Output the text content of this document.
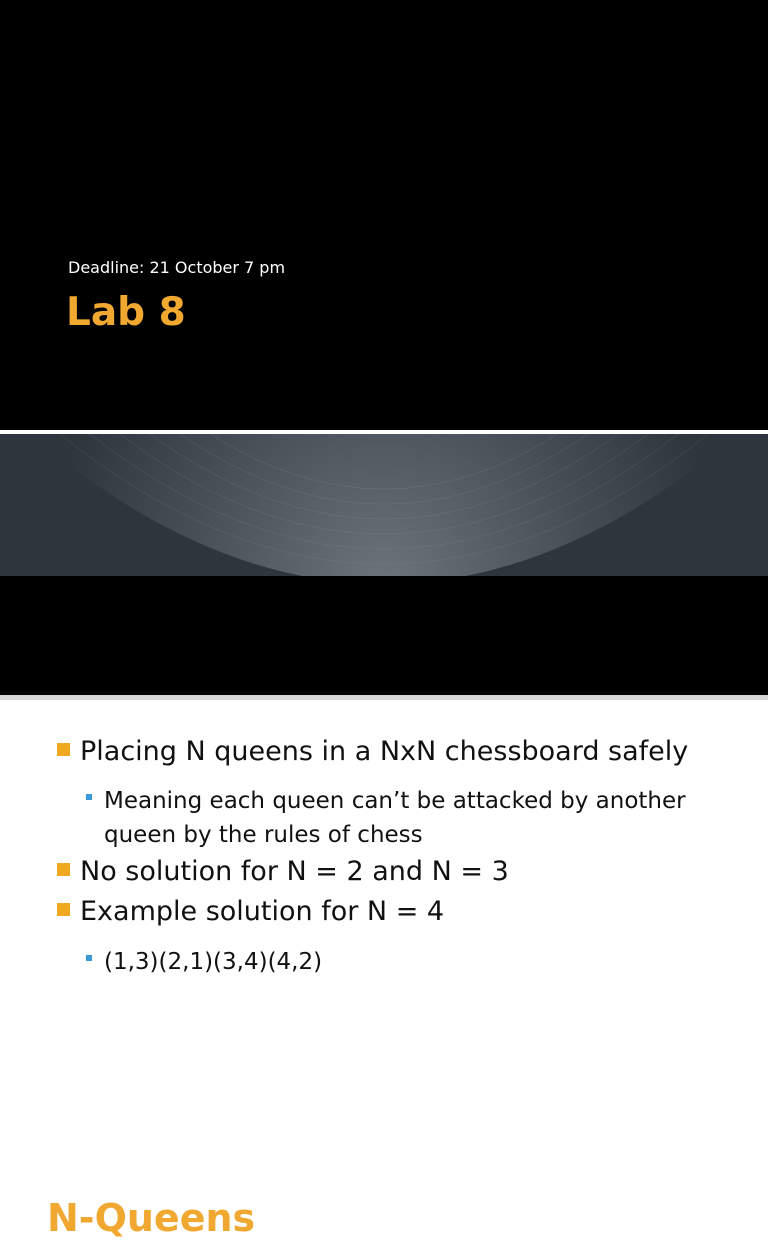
Deadline: 21 October 7 pm
Lab 8
N-Queens
Placing N queens in a NxN chessboard safely
Meaning each queen can’t be attacked by another
queen by the rules of chess
No solution for N = 2 and N = 3
Example solution for N = 4
(1,3)(2,1)(3,4)(4,2)
